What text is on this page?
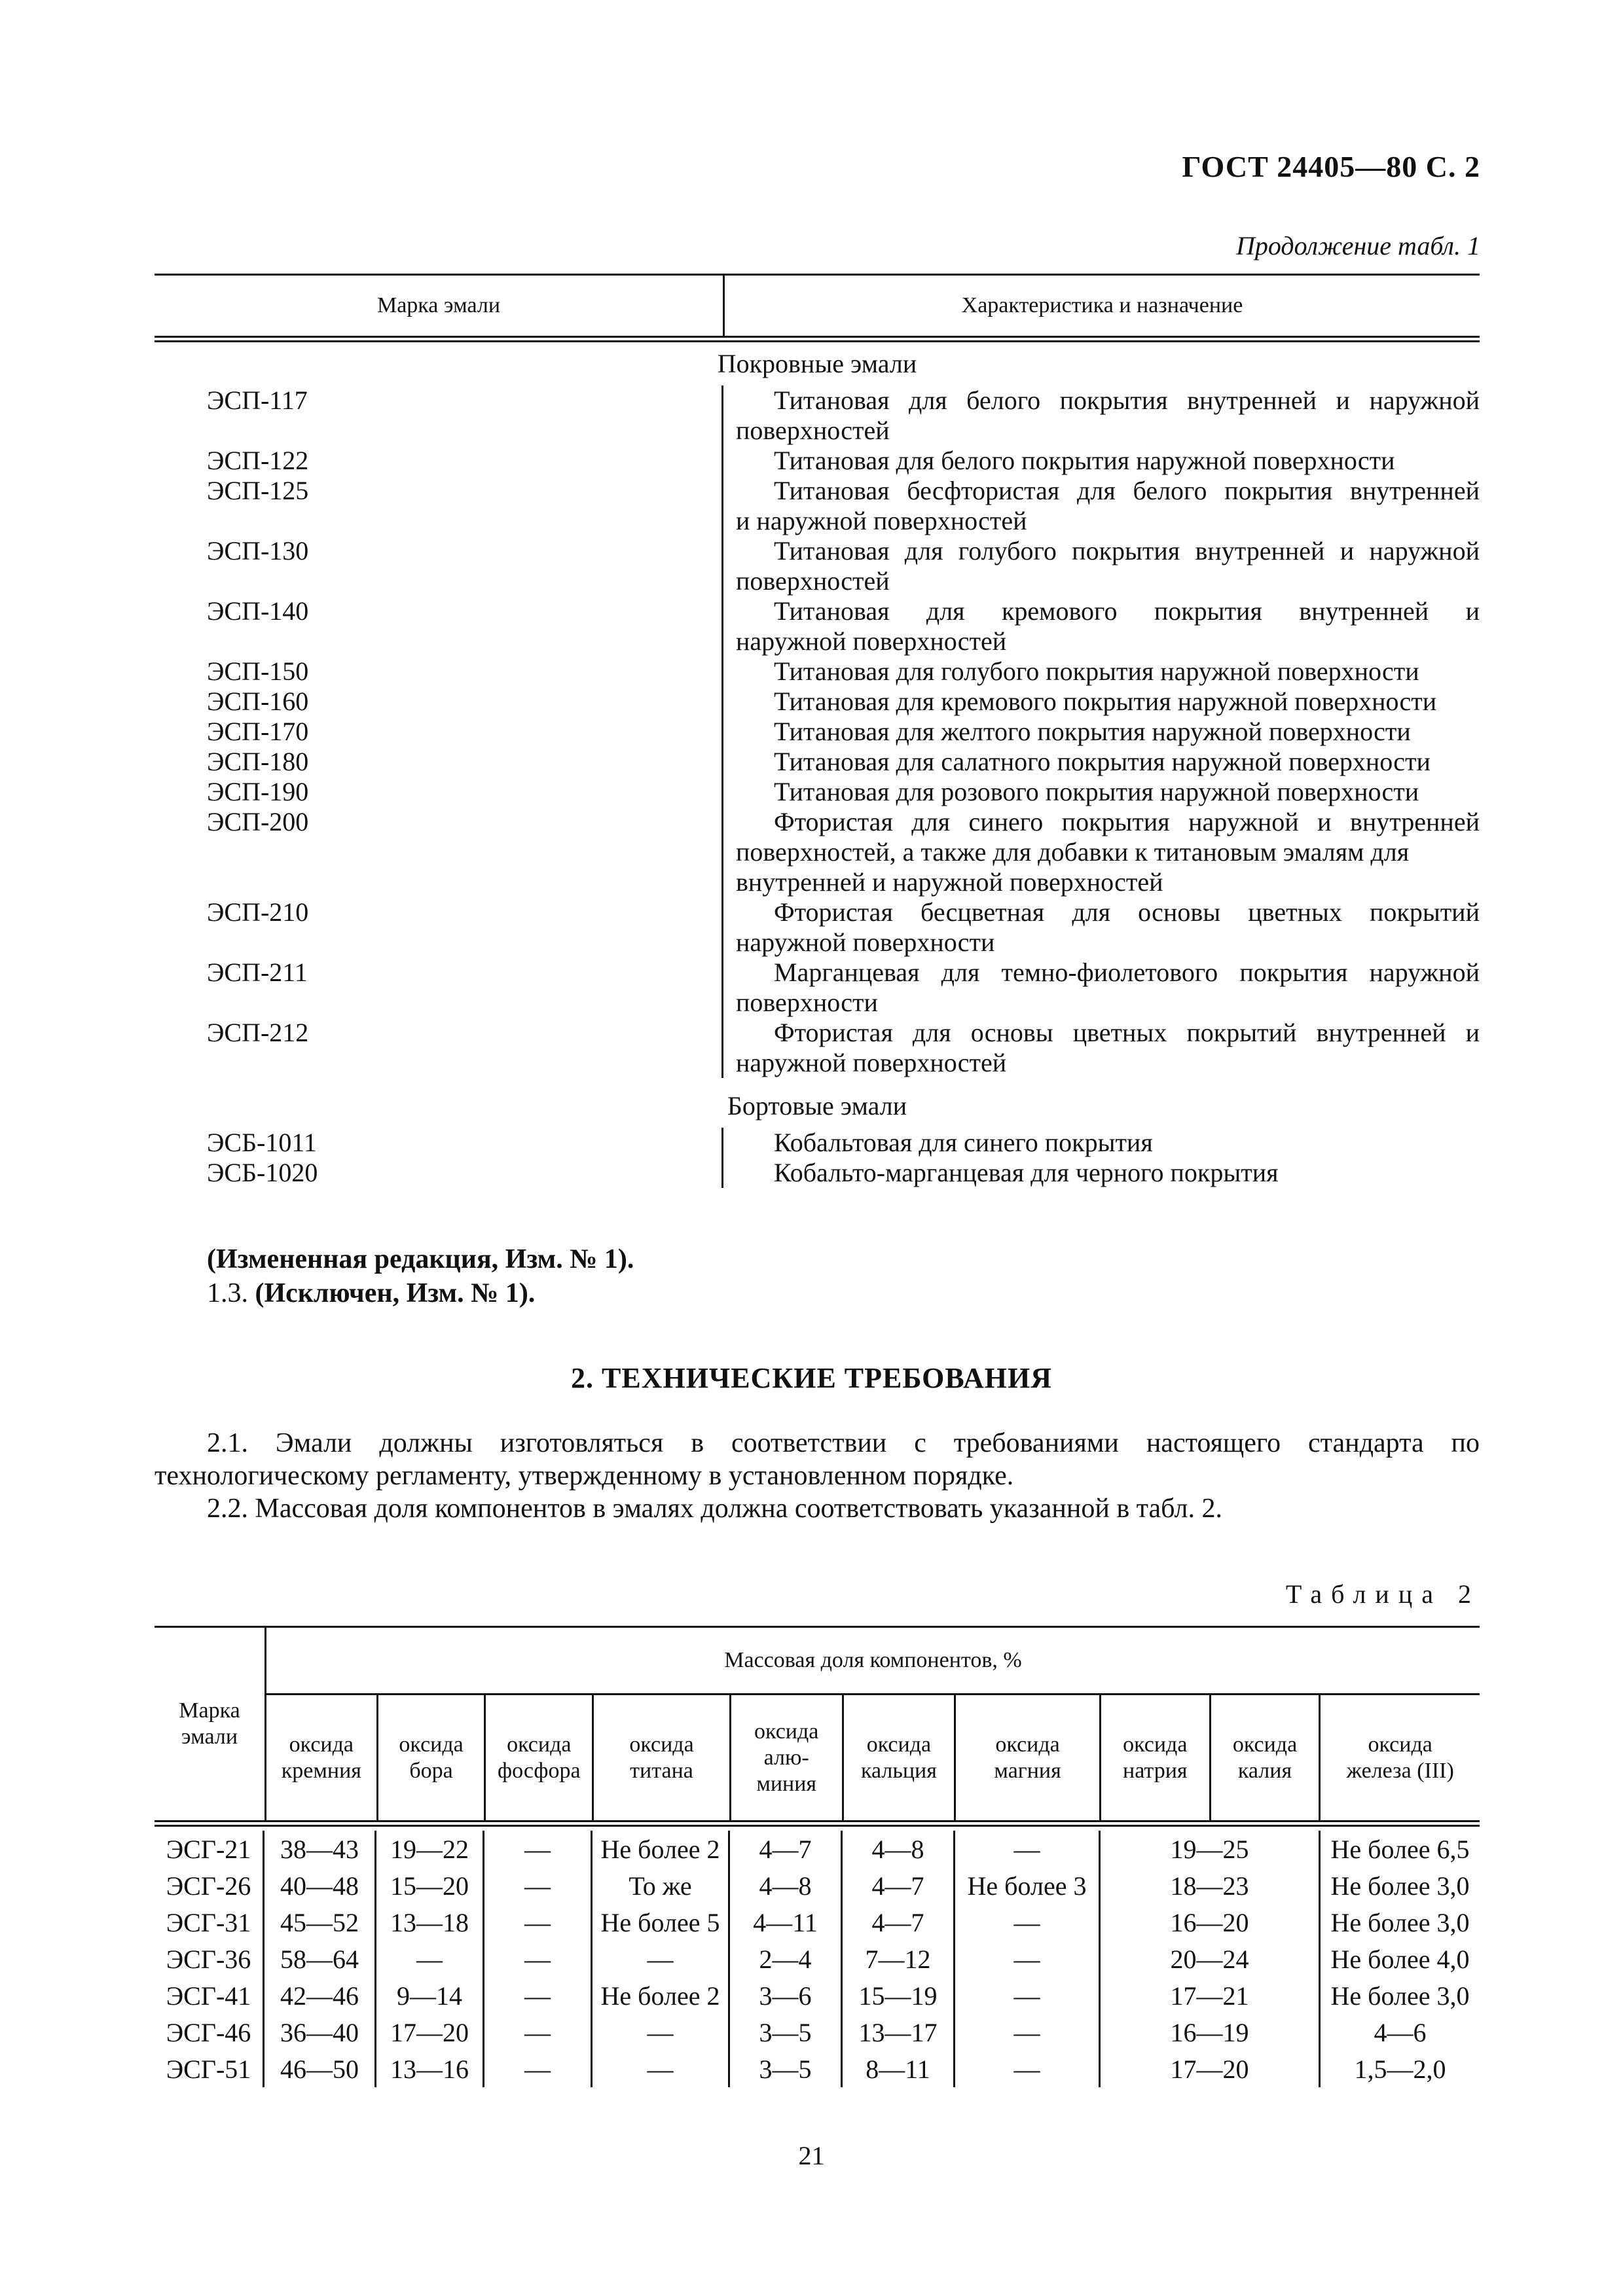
ГОСТ 24405—80 С. 2
Продолжение табл. 1
Марка эмали	Характеристика и назначение
Покровные эмали
ЭСП-117	Титановая для белого покрытия внутренней и наружной
поверхностей
ЭСП-122	Титановая для белого покрытия наружной поверхности
ЭСП-125	Титановая бесфтористая для белого покрытия внутренней
и наружной поверхностей
ЭСП-130	Титановая для голубого покрытия внутренней и наружной
поверхностей
ЭСП-140	Титановая для кремового покрытия внутренней и
наружной поверхностей
ЭСП-150	Титановая для голубого покрытия наружной поверхности
ЭСП-160	Титановая для кремового покрытия наружной поверхности
ЭСП-170	Титановая для желтого покрытия наружной поверхности
ЭСП-180	Титановая для салатного покрытия наружной поверхности
ЭСП-190	Титановая для розового покрытия наружной поверхности
ЭСП-200	Фтористая для синего покрытия наружной и внутренней
поверхностей, а также для добавки к титановым эмалям для
внутренней и наружной поверхностей
ЭСП-210	Фтористая бесцветная для основы цветных покрытий
наружной поверхности
ЭСП-211	Марганцевая для темно-фиолетового покрытия наружной
поверхности
ЭСП-212	Фтористая для основы цветных покрытий внутренней и
наружной поверхностей
Бортовые эмали
ЭСБ-1011	Кобальтовая для синего покрытия
ЭСБ-1020	Кобальто-марганцевая для черного покрытия
(Измененная редакция, Изм. № 1).
1.3. (Исключен, Изм. № 1).
2. ТЕХНИЧЕСКИЕ ТРЕБОВАНИЯ
2.1. Эмали должны изготовляться в соответствии с требованиями настоящего стандарта по технологическому регламенту, утвержденному в установленном порядке.
2.2. Массовая доля компонентов в эмалях должна соответствовать указанной в табл. 2.
Таблица 2
Марка эмали
Массовая доля компонентов, %
оксида кремния
оксида бора
оксида фосфора
оксида титана
оксида алю-миния
оксида кальция
оксида магния
оксида натрия
оксида калия
оксида железа (III)
ЭСГ-21	38—43	19—22	—	Не более 2	4—7	4—8	—	19—25	Не более 6,5
ЭСГ-26	40—48	15—20	—	То же	4—8	4—7	Не более 3	18—23	Не более 3,0
ЭСГ-31	45—52	13—18	—	Не более 5	4—11	4—7	—	16—20	Не более 3,0
ЭСГ-36	58—64	—	—	—	2—4	7—12	—	20—24	Не более 4,0
ЭСГ-41	42—46	9—14	—	Не более 2	3—6	15—19	—	17—21	Не более 3,0
ЭСГ-46	36—40	17—20	—	—	3—5	13—17	—	16—19	4—6
ЭСГ-51	46—50	13—16	—	—	3—5	8—11	—	17—20	1,5—2,0
21
